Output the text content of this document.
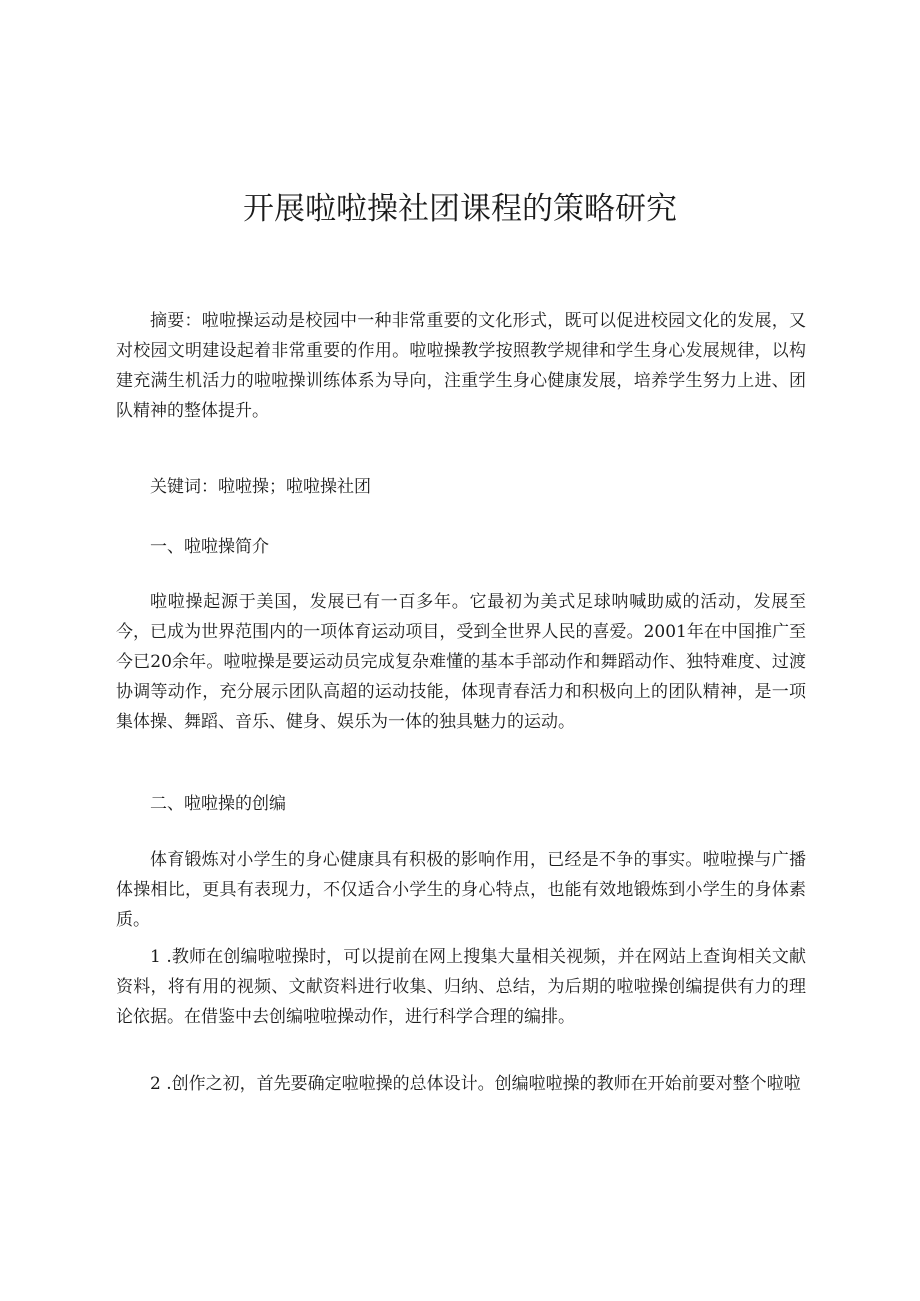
开展啦啦操社团课程的策略研究

摘要：啦啦操运动是校园中一种非常重要的文化形式，既可以促进校园文化的发展，又对校园文明建设起着非常重要的作用。啦啦操教学按照教学规律和学生身心发展规律，以构建充满生机活力的啦啦操训练体系为导向，注重学生身心健康发展，培养学生努力上进、团队精神的整体提升。

关键词：啦啦操；啦啦操社团

一、啦啦操简介

啦啦操起源于美国，发展已有一百多年。它最初为美式足球呐喊助威的活动，发展至今，已成为世界范围内的一项体育运动项目，受到全世界人民的喜爱。2001年在中国推广至今已20余年。啦啦操是要运动员完成复杂难懂的基本手部动作和舞蹈动作、独特难度、过渡协调等动作，充分展示团队高超的运动技能，体现青春活力和积极向上的团队精神，是一项集体操、舞蹈、音乐、健身、娱乐为一体的独具魅力的运动。

二、啦啦操的创编

体育锻炼对小学生的身心健康具有积极的影响作用，已经是不争的事实。啦啦操与广播体操相比，更具有表现力，不仅适合小学生的身心特点，也能有效地锻炼到小学生的身体素质。

1 .教师在创编啦啦操时，可以提前在网上搜集大量相关视频，并在网站上查询相关文献资料，将有用的视频、文献资料进行收集、归纳、总结，为后期的啦啦操创编提供有力的理论依据。在借鉴中去创编啦啦操动作，进行科学合理的编排。

2 .创作之初，首先要确定啦啦操的总体设计。创编啦啦操的教师在开始前要对整个啦啦
